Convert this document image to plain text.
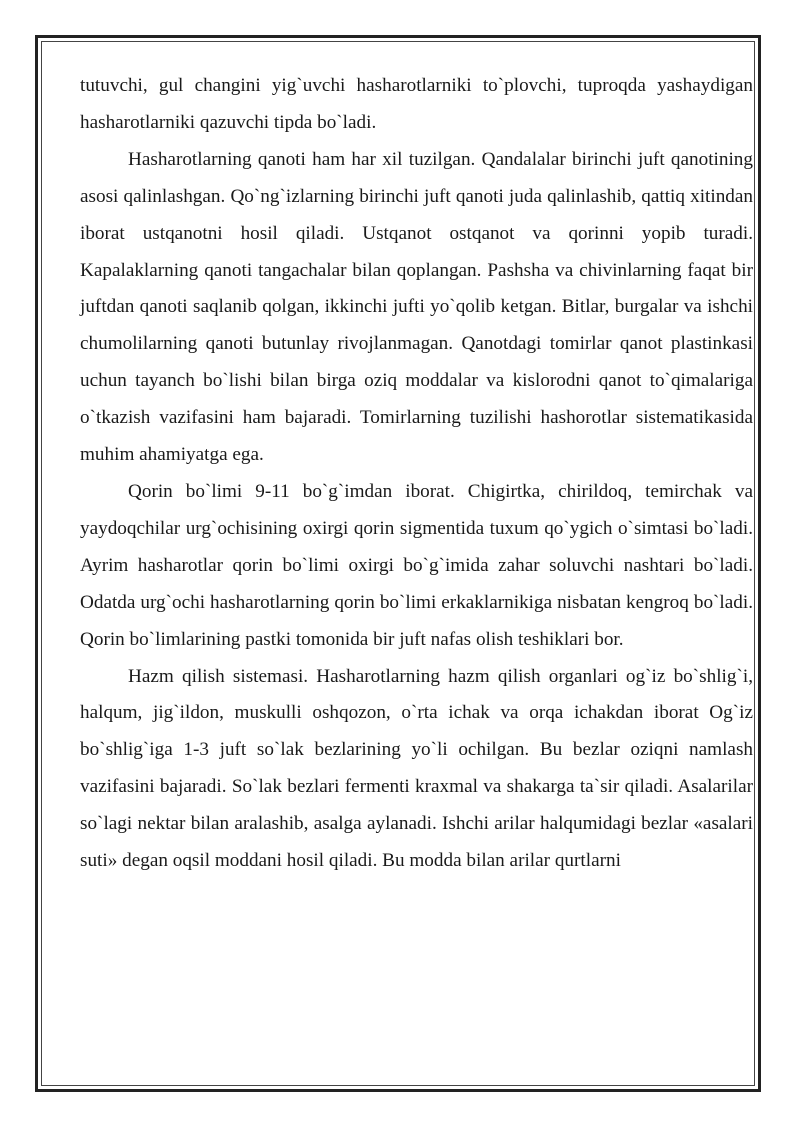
tutuvchi, gul changini yig`uvchi hasharotlarniki to`plovchi, tuproqda yashaydigan hasharotlarniki qazuvchi tipda bo`ladi.

Hasharotlarning qanoti ham har xil tuzilgan. Qandalalar birinchi juft qanotining asosi qalinlashgan. Qo`ng`izlarning birinchi juft qanoti juda qalinlashib, qattiq xitindan iborat ustqanotni hosil qiladi. Ustqanot ostqanot va qorinni yopib turadi. Kapalaklarning qanoti tangachalar bilan qoplangan. Pashsha va chivinlarning faqat bir juftdan qanoti saqlanib qolgan, ikkinchi jufti yo`qolib ketgan. Bitlar, burgalar va ishchi chumolilarning qanoti butunlay rivojlanmagan. Qanotdagi tomirlar qanot plastinkasi uchun tayanch bo`lishi bilan birga oziq moddalar va kislorodni qanot to`qimalariga o`tkazish vazifasini ham bajaradi. Tomirlarning tuzilishi hashorotlar sistematikasida muhim ahamiyatga ega.

Qorin bo`limi 9-11 bo`g`imdan iborat. Chigirtka, chirildoq, temirchak va yaydoqchilar urg`ochisining oxirgi qorin sigmentida tuxum qo`ygich o`simtasi bo`ladi. Ayrim hasharotlar qorin bo`limi oxirgi bo`g`imida zahar soluvchi nashtari bo`ladi. Odatda urg`ochi hasharotlarning qorin bo`limi erkaklarnikiga nisbatan kengroq bo`ladi. Qorin bo`limlarining pastki tomonida bir juft nafas olish teshiklari bor.

Hazm qilish sistemasi. Hasharotlarning hazm qilish organlari og`iz bo`shlig`i, halqum, jig`ildon, muskulli oshqozon, o`rta ichak va orqa ichakdan iborat Og`iz bo`shlig`iga 1-3 juft so`lak bezlarining yo`li ochilgan. Bu bezlar oziqni namlash vazifasini bajaradi. So`lak bezlari fermenti kraxmal va shakarga ta`sir qiladi. Asalarilar so`lagi nektar bilan aralashib, asalga aylanadi. Ishchi arilar halqumidagi bezlar «asalari suti» degan oqsil moddani hosil qiladi. Bu modda bilan arilar qurtlarni
